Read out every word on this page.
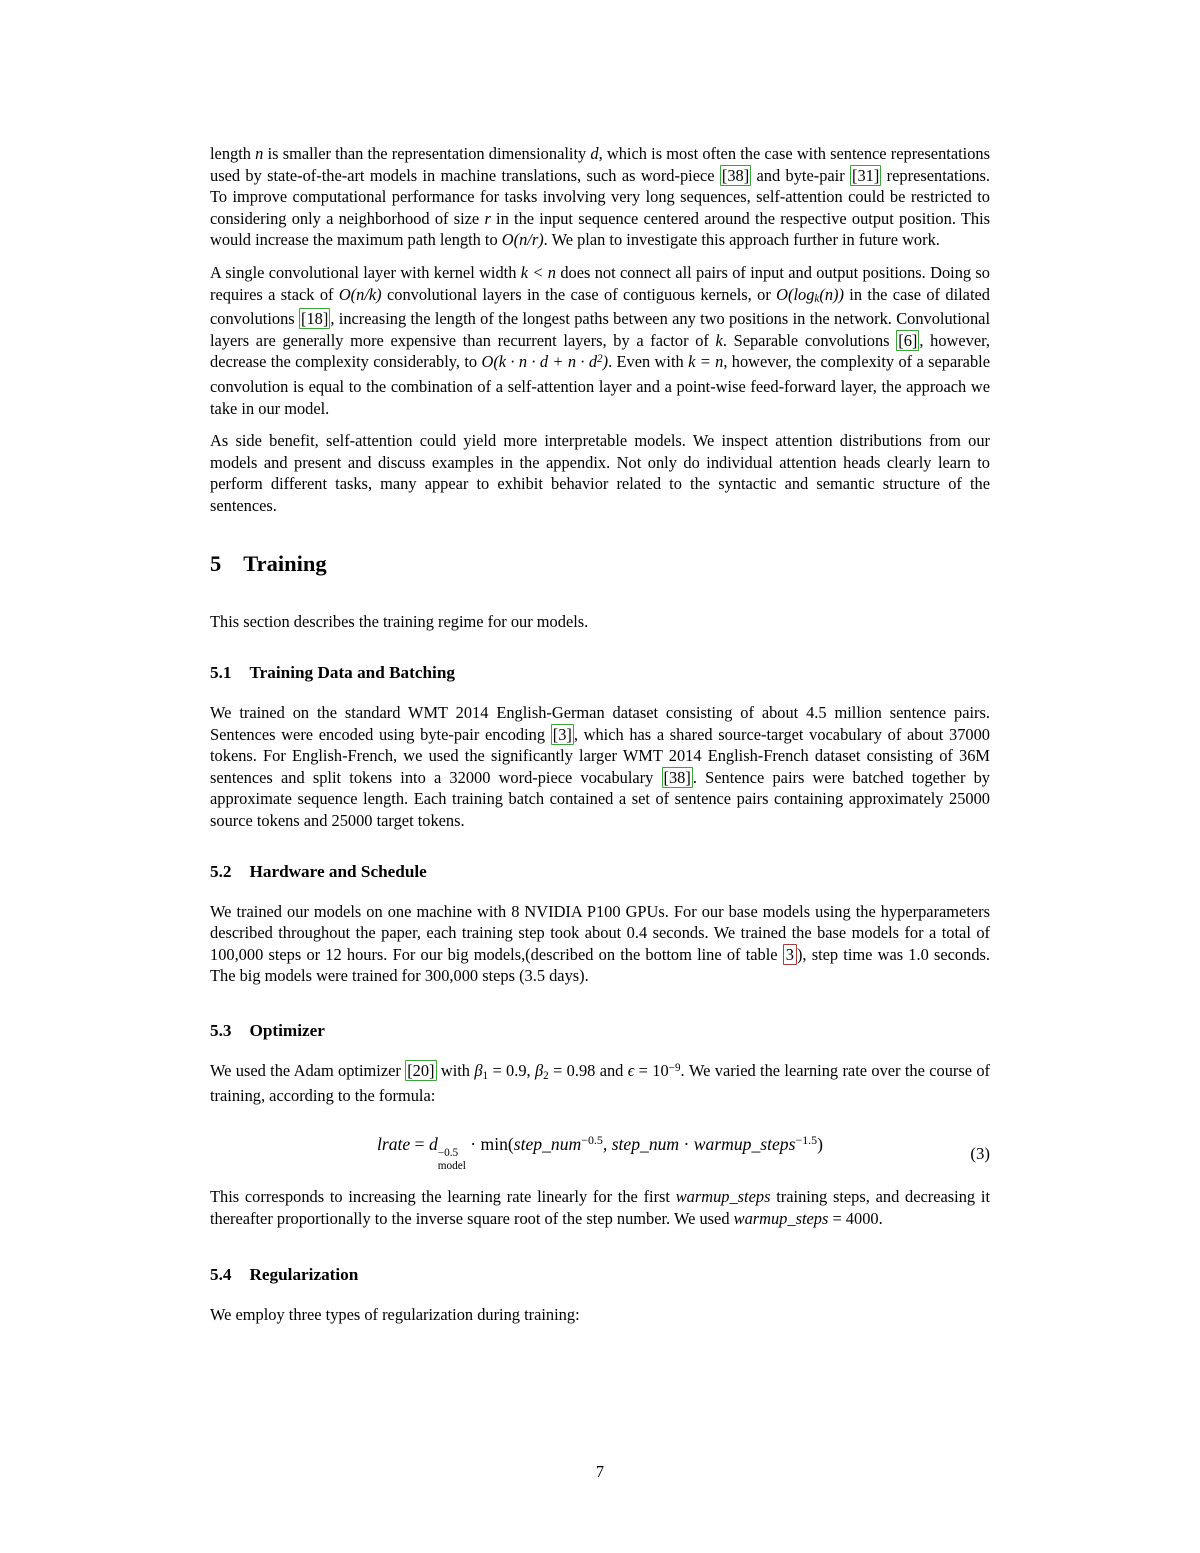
length n is smaller than the representation dimensionality d, which is most often the case with sentence representations used by state-of-the-art models in machine translations, such as word-piece [38] and byte-pair [31] representations. To improve computational performance for tasks involving very long sequences, self-attention could be restricted to considering only a neighborhood of size r in the input sequence centered around the respective output position. This would increase the maximum path length to O(n/r). We plan to investigate this approach further in future work.

A single convolutional layer with kernel width k < n does not connect all pairs of input and output positions. Doing so requires a stack of O(n/k) convolutional layers in the case of contiguous kernels, or O(logk(n)) in the case of dilated convolutions [18] , increasing the length of the longest paths between any two positions in the network. Convolutional layers are generally more expensive than recurrent layers, by a factor of k. Separable convolutions [6] , however, decrease the complexity considerably, to $O(k \cdot n \cdot d + n \cdot d^2)$. Even with k = n, however, the complexity of a separable convolution is equal to the combination of a self-attention layer and a point-wise feed-forward layer, the approach we take in our model.

As side benefit, self-attention could yield more interpretable models. We inspect attention distributions from our models and present and discuss examples in the appendix. Not only do individual attention heads clearly learn to perform different tasks, many appear to exhibit behavior related to the syntactic and semantic structure of the sentences.

5 Training

This section describes the training regime for our models.

5.1 Training Data and Batching

We trained on the standard WMT 2014 English-German dataset consisting of about 4.5 million sentence pairs. Sentences were encoded using byte-pair encoding [3] , which has a shared source-target vocabulary of about 37000 tokens. For English-French, we used the significantly larger WMT 2014 English-French dataset consisting of 36M sentences and split tokens into a 32000 word-piece vocabulary [38] . Sentence pairs were batched together by approximate sequence length. Each training batch contained a set of sentence pairs containing approximately 25000 source tokens and 25000 target tokens.

5.2 Hardware and Schedule

We trained our models on one machine with 8 NVIDIA P100 GPUs. For our base models using the hyperparameters described throughout the paper, each training step took about 0.4 seconds. We trained the base models for a total of 100,000 steps or 12 hours. For our big models,(described on the bottom line of table 3 ), step time was 1.0 seconds. The big models were trained for 300,000 steps (3.5 days).

5.3 Optimizer

We used the Adam optimizer [20] with β1 = 0.9, β2 = 0.98 and $\epsilon = 10^{-9}$. We varied the learning rate over the course of training, according to the formula:

lrate = d −0.5
model
· min(step_num$^{-0.5}$, step_num · warmup_steps$^{-1.5}$)	(3)

This corresponds to increasing the learning rate linearly for the first warmup_steps training steps, and decreasing it thereafter proportionally to the inverse square root of the step number. We used warmup_steps = 4000.

5.4 Regularization

We employ three types of regularization during training:

7
